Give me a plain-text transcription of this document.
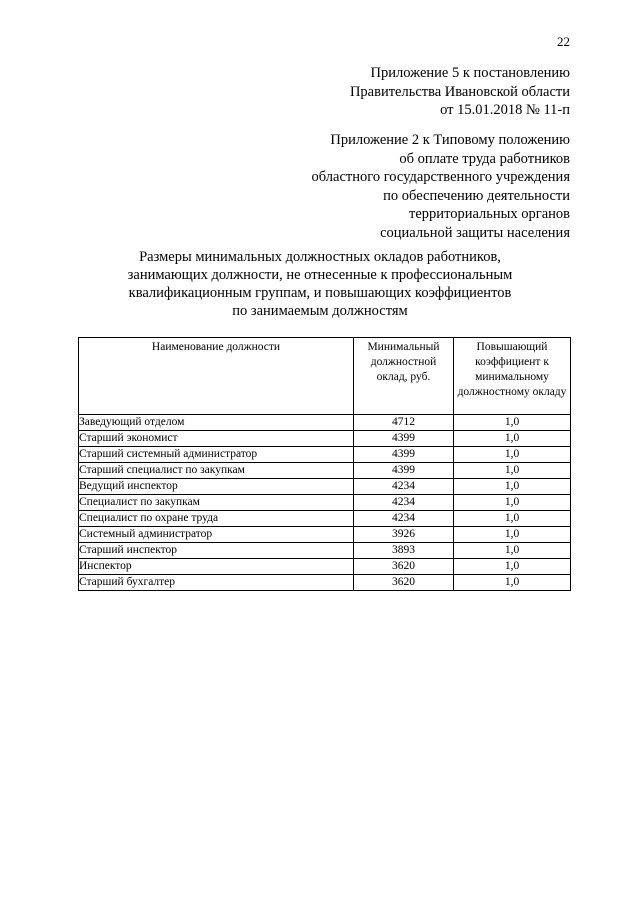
22
Приложение 5 к постановлению
Правительства Ивановской области
от 15.01.2018 № 11-п
Приложение 2 к Типовому положению
об оплате труда работников
областного государственного учреждения
по обеспечению деятельности
территориальных органов
социальной защиты населения
Размеры минимальных должностных окладов работников,
занимающих должности, не отнесенные к профессиональным
квалификационным группам, и повышающих коэффициентов
по занимаемым должностям
Наименование должности	Минимальный должностной оклад, руб.	Повышающий коэффициент к минимальному должностному окладу
Заведующий отделом	4712	1,0
Старший экономист	4399	1,0
Старший системный администратор	4399	1,0
Старший специалист по закупкам	4399	1,0
Ведущий инспектор	4234	1,0
Специалист по закупкам	4234	1,0
Специалист по охране труда	4234	1,0
Системный администратор	3926	1,0
Старший инспектор	3893	1,0
Инспектор	3620	1,0
Старший бухгалтер	3620	1,0
